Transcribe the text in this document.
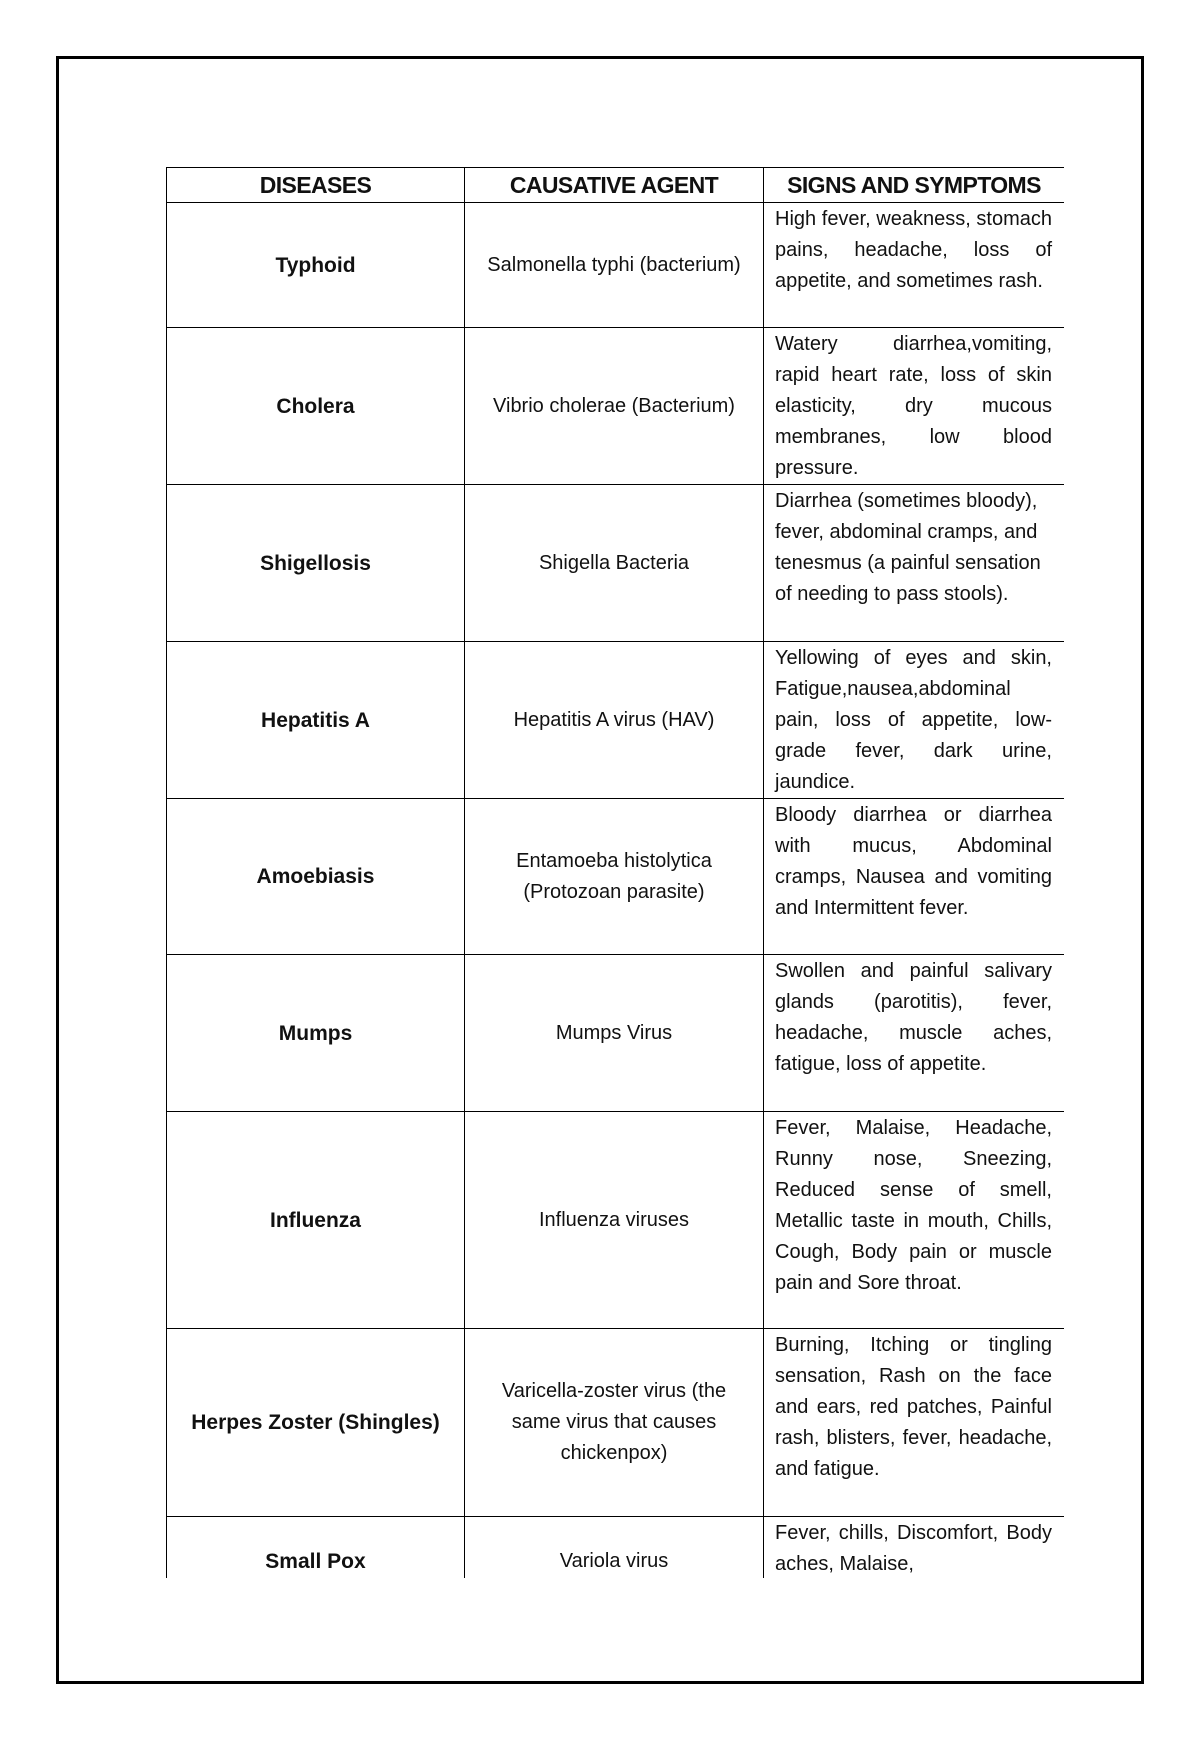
DISEASES	CAUSATIVE AGENT	SIGNS AND SYMPTOMS
Typhoid	Salmonella typhi (bacterium)	High fever, weakness, stomach pains, headache, loss of appetite, and sometimes rash.
Cholera	Vibrio cholerae (Bacterium)	Watery diarrhea,vomiting, rapid heart rate, loss of skin elasticity, dry mucous membranes, low blood pressure.
Shigellosis	Shigella Bacteria	Diarrhea (sometimes bloody), fever, abdominal cramps, and tenesmus (a painful sensation of needing to pass stools).
Hepatitis A	Hepatitis A virus (HAV)	Yellowing of eyes and skin, Fatigue,nausea,abdominal pain, loss of appetite, low-grade fever, dark urine, jaundice.
Amoebiasis	Entamoeba histolytica (Protozoan parasite)	Bloody diarrhea or diarrhea with mucus, Abdominal cramps, Nausea and vomiting and Intermittent fever.
Mumps	Mumps Virus	Swollen and painful salivary glands (parotitis), fever, headache, muscle aches, fatigue, loss of appetite.
Influenza	Influenza viruses	Fever, Malaise, Headache, Runny nose, Sneezing, Reduced sense of smell, Metallic taste in mouth, Chills, Cough, Body pain or muscle pain and Sore throat.
Herpes Zoster (Shingles)	Varicella-zoster virus (the same virus that causes chickenpox)	Burning, Itching or tingling sensation, Rash on the face and ears, red patches, Painful rash, blisters, fever, headache, and fatigue.
Small Pox	Variola virus	Fever, chills, Discomfort, Body aches, Malaise,
